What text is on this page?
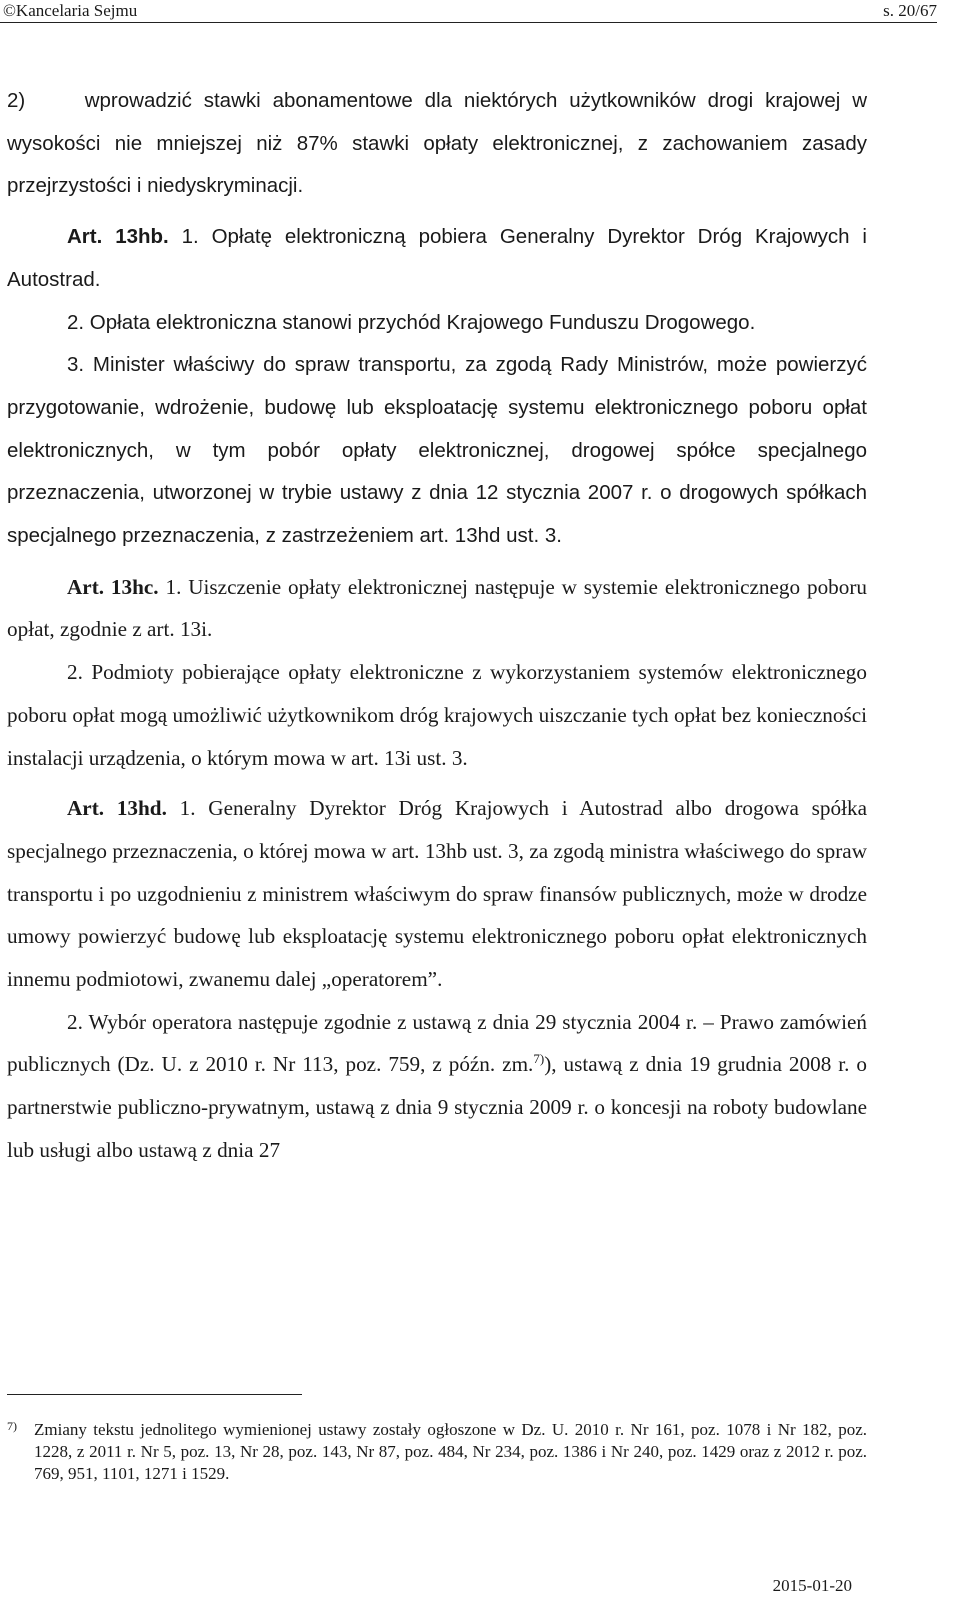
©Kancelaria Sejmu	s. 20/67

2)     wprowadzić stawki abonamentowe dla niektórych użytkowników drogi krajowej w wysokości nie mniejszej niż 87% stawki opłaty elektronicznej, z zachowaniem zasady przejrzystości i niedyskryminacji.

Art. 13hb. 1. Opłatę elektroniczną pobiera Generalny Dyrektor Dróg Krajowych i Autostrad.

2. Opłata elektroniczna stanowi przychód Krajowego Funduszu Drogowego.

3. Minister właściwy do spraw transportu, za zgodą Rady Ministrów, może powierzyć przygotowanie, wdrożenie, budowę lub eksploatację systemu elektronicznego poboru opłat elektronicznych, w tym pobór opłaty elektronicznej, drogowej spółce specjalnego przeznaczenia, utworzonej w trybie ustawy z dnia 12 stycznia 2007 r. o drogowych spółkach specjalnego przeznaczenia, z zastrzeżeniem art. 13hd ust. 3.

Art. 13hc. 1. Uiszczenie opłaty elektronicznej następuje w systemie elektronicznego poboru opłat, zgodnie z art. 13i.

2. Podmioty pobierające opłaty elektroniczne z wykorzystaniem systemów elektronicznego poboru opłat mogą umożliwić użytkownikom dróg krajowych uiszczanie tych opłat bez konieczności instalacji urządzenia, o którym mowa w art. 13i ust. 3.

Art. 13hd. 1. Generalny Dyrektor Dróg Krajowych i Autostrad albo drogowa spółka specjalnego przeznaczenia, o której mowa w art. 13hb ust. 3, za zgodą ministra właściwego do spraw transportu i po uzgodnieniu z ministrem właściwym do spraw finansów publicznych, może w drodze umowy powierzyć budowę lub eksploatację systemu elektronicznego poboru opłat elektronicznych innemu podmiotowi, zwanemu dalej „operatorem”.

2. Wybór operatora następuje zgodnie z ustawą z dnia 29 stycznia 2004 r. – Prawo zamówień publicznych (Dz. U. z 2010 r. Nr 113, poz. 759, z późn. zm.$^{7)}$), ustawą z dnia 19 grudnia 2008 r. o partnerstwie publiczno-prywatnym, ustawą z dnia 9 stycznia 2009 r. o koncesji na roboty budowlane lub usługi albo ustawą z dnia 27

7) Zmiany tekstu jednolitego wymienionej ustawy zostały ogłoszone w Dz. U. 2010 r. Nr 161, poz. 1078 i Nr 182, poz. 1228, z 2011 r. Nr 5, poz. 13, Nr 28, poz. 143, Nr 87, poz. 484, Nr 234, poz. 1386 i Nr 240, poz. 1429 oraz z 2012 r. poz. 769, 951, 1101, 1271 i 1529.
2015-01-20
